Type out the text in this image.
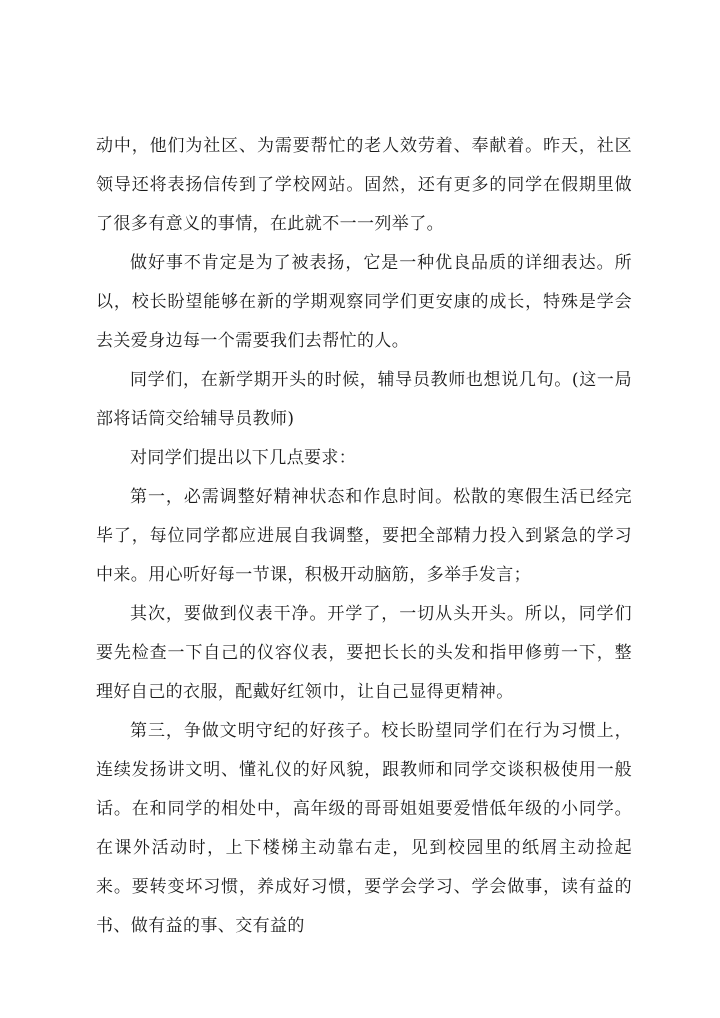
动中，他们为社区、为需要帮忙的老人效劳着、奉献着。昨天，社区领导还将表扬信传到了学校网站。固然，还有更多的同学在假期里做了很多有意义的事情，在此就不一一列举了。

做好事不肯定是为了被表扬，它是一种优良品质的详细表达。所以，校长盼望能够在新的学期观察同学们更安康的成长，特殊是学会去关爱身边每一个需要我们去帮忙的人。

同学们，在新学期开头的时候，辅导员教师也想说几句。(这一局部将话筒交给辅导员教师)

对同学们提出以下几点要求：

第一，必需调整好精神状态和作息时间。松散的寒假生活已经完毕了，每位同学都应进展自我调整，要把全部精力投入到紧急的学习中来。用心听好每一节课，积极开动脑筋，多举手发言；

其次，要做到仪表干净。开学了，一切从头开头。所以，同学们要先检查一下自己的仪容仪表，要把长长的头发和指甲修剪一下，整理好自己的衣服，配戴好红领巾，让自己显得更精神。

第三，争做文明守纪的好孩子。校长盼望同学们在行为习惯上，连续发扬讲文明、懂礼仪的好风貌，跟教师和同学交谈积极使用一般话。在和同学的相处中，高年级的哥哥姐姐要爱惜低年级的小同学。在课外活动时，上下楼梯主动靠右走，见到校园里的纸屑主动捡起来。要转变坏习惯，养成好习惯，要学会学习、学会做事，读有益的书、做有益的事、交有益的
